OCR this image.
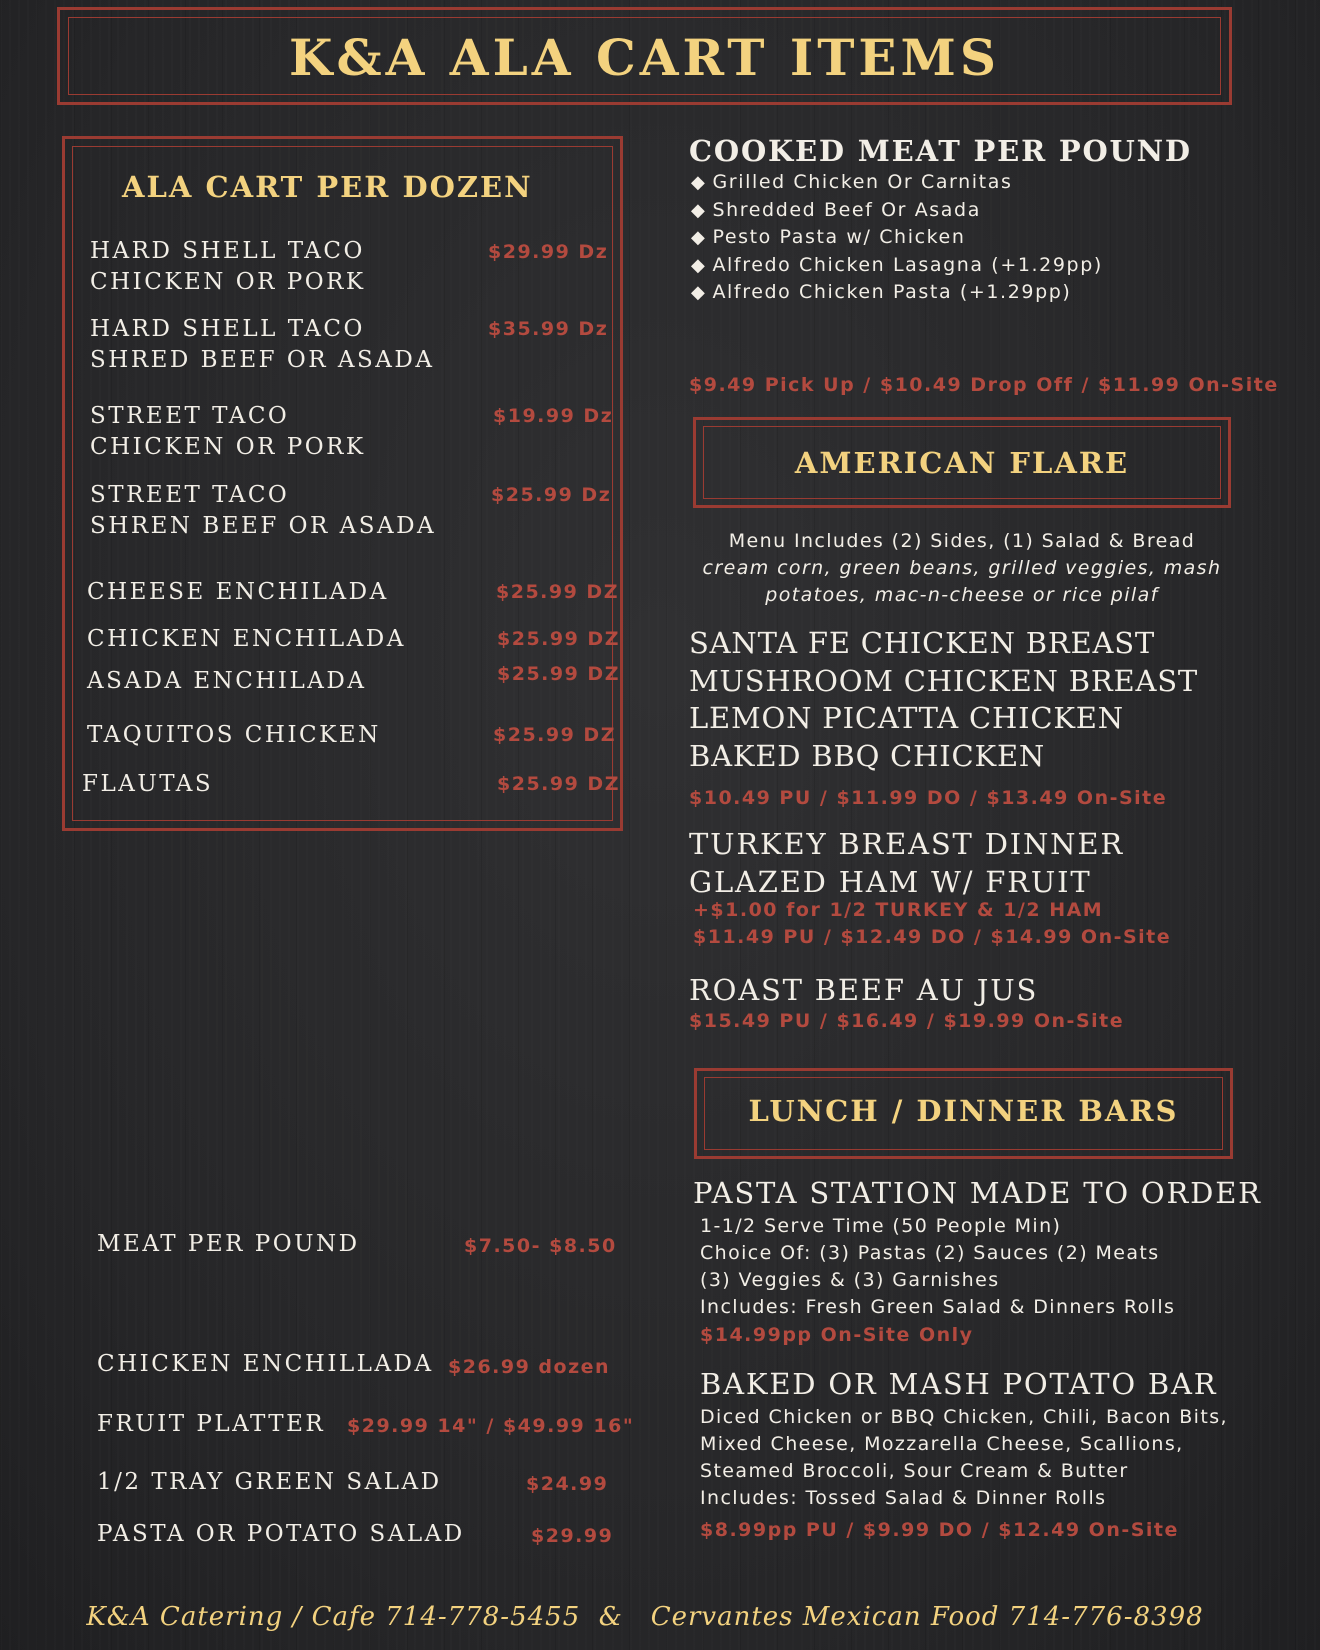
K&A ALA CART ITEMS
ALA CART PER DOZEN
HARD SHELL TACO
CHICKEN OR PORK
$29.99 Dz
HARD SHELL TACO
SHRED BEEF OR ASADA
$35.99 Dz
STREET TACO
CHICKEN OR PORK
$19.99 Dz
STREET TACO
SHREN BEEF OR ASADA
$25.99 Dz
CHEESE ENCHILADA	$25.99 DZ
CHICKEN ENCHILADA	$25.99 DZ
ASADA ENCHILADA	$25.99 DZ
TAQUITOS CHICKEN	$25.99 DZ
FLAUTAS	$25.99 DZ
MEAT PER POUND	$7.50- $8.50
CHICKEN ENCHILLADA $26.99 dozen
FRUIT PLATTER $29.99 14" / $49.99 16"
1/2 TRAY GREEN SALAD	$24.99
PASTA OR POTATO SALAD	$29.99
COOKED MEAT PER POUND
◆ Grilled Chicken Or Carnitas
◆ Shredded Beef Or Asada
◆ Pesto Pasta w/ Chicken
◆ Alfredo Chicken Lasagna (+1.29pp)
◆ Alfredo Chicken Pasta (+1.29pp)
$9.49 Pick Up / $10.49 Drop Off / $11.99 On-Site
AMERICAN FLARE
Menu Includes (2) Sides, (1) Salad & Bread
cream corn, green beans, grilled veggies, mash
potatoes, mac-n-cheese or rice pilaf
SANTA FE CHICKEN BREAST
MUSHROOM CHICKEN BREAST
LEMON PICATTA CHICKEN
BAKED BBQ CHICKEN
$10.49 PU / $11.99 DO / $13.49 On-Site
TURKEY BREAST DINNER
GLAZED HAM W/ FRUIT
+$1.00 for 1/2 TURKEY & 1/2 HAM
$11.49 PU / $12.49 DO / $14.99 On-Site
ROAST BEEF AU JUS
$15.49 PU / $16.49 / $19.99 On-Site
LUNCH / DINNER BARS
PASTA STATION MADE TO ORDER
1-1/2 Serve Time (50 People Min)
Choice Of: (3) Pastas (2) Sauces (2) Meats
(3) Veggies & (3) Garnishes
Includes: Fresh Green Salad & Dinners Rolls
$14.99pp On-Site Only
BAKED OR MASH POTATO BAR
Diced Chicken or BBQ Chicken, Chili, Bacon Bits,
Mixed Cheese, Mozzarella Cheese, Scallions,
Steamed Broccoli, Sour Cream & Butter
Includes: Tossed Salad & Dinner Rolls
$8.99pp PU / $9.99 DO / $12.49 On-Site
K&A Catering / Cafe 714-778-5455  &   Cervantes Mexican Food 714-776-8398
